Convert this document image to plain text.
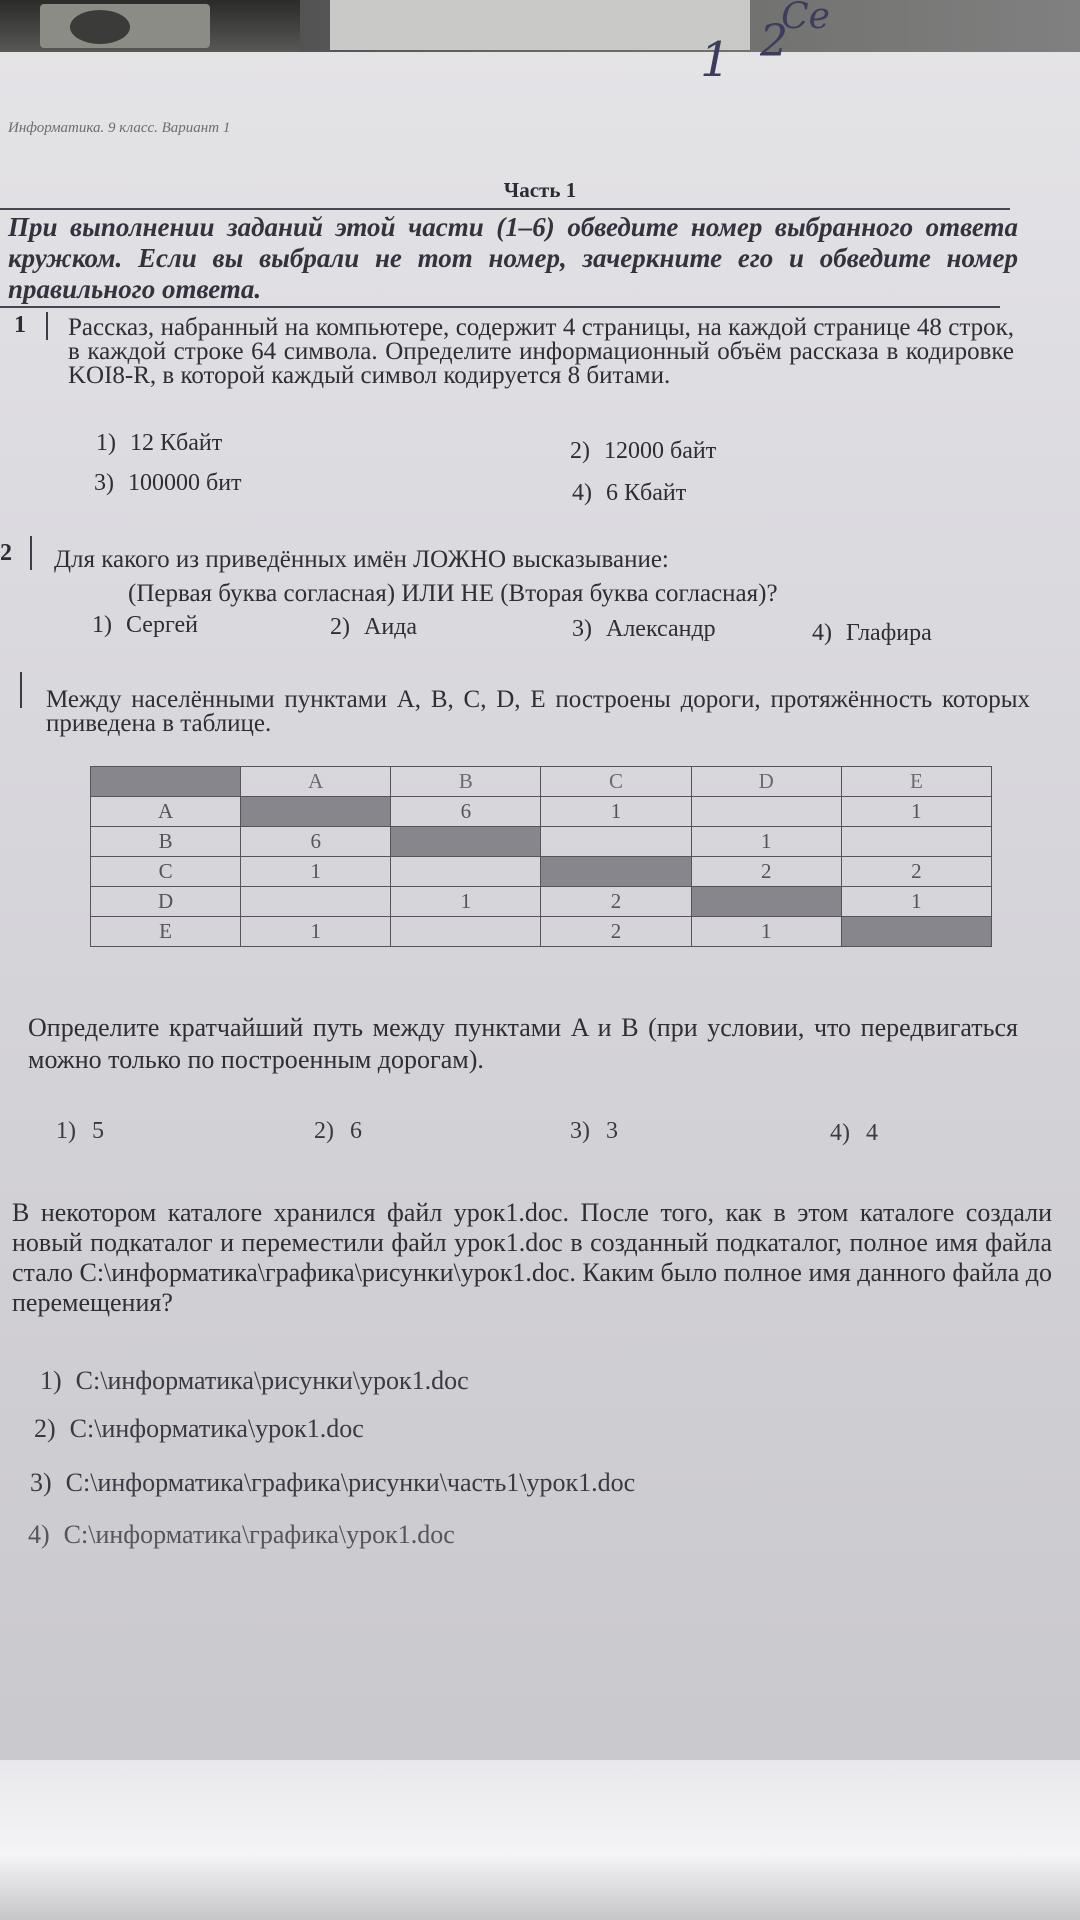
Се
1 2
Информатика. 9 класс. Вариант 1
Часть 1
При выполнении заданий этой части (1–6) обведите номер выбранного ответа кружком. Если вы выбрали не тот номер, зачеркните его и обведите номер правильного ответа.
1 Рассказ, набранный на компьютере, содержит 4 страницы, на каждой странице 48 строк, в каждой строке 64 символа. Определите информационный объём рассказа в кодировке KOI8-R, в которой каждый символ кодируется 8 битами.
1) 12 Кбайт	2) 12000 байт
3) 100000 бит	4) 6 Кбайт
2 Для какого из приведённых имён ЛОЖНО высказывание:
(Первая буква согласная) ИЛИ НЕ (Вторая буква согласная)?
1) Сергей	2) Аида	3) Александр	4) Глафира
Между населёнными пунктами A, B, C, D, E построены дороги, протяжённость которых приведена в таблице.
	A	B	C	D	E
A		6	1		1
B	6			1	
C	1			2	2
D		1	2		1
E	1		2	1	
Определите кратчайший путь между пунктами A и B (при условии, что передвигаться можно только по построенным дорогам).
1) 5	2) 6	3) 3	4) 4
В некотором каталоге хранился файл урок1.doc. После того, как в этом каталоге создали новый подкаталог и переместили файл урок1.doc в созданный подкаталог, полное имя файла стало C:\информатика\графика\рисунки\урок1.doc. Каким было полное имя данного файла до перемещения?
1) C:\информатика\рисунки\урок1.doc
2) C:\информатика\урок1.doc
3) C:\информатика\графика\рисунки\часть1\урок1.doc
4) C:\информатика\графика\урок1.doc
